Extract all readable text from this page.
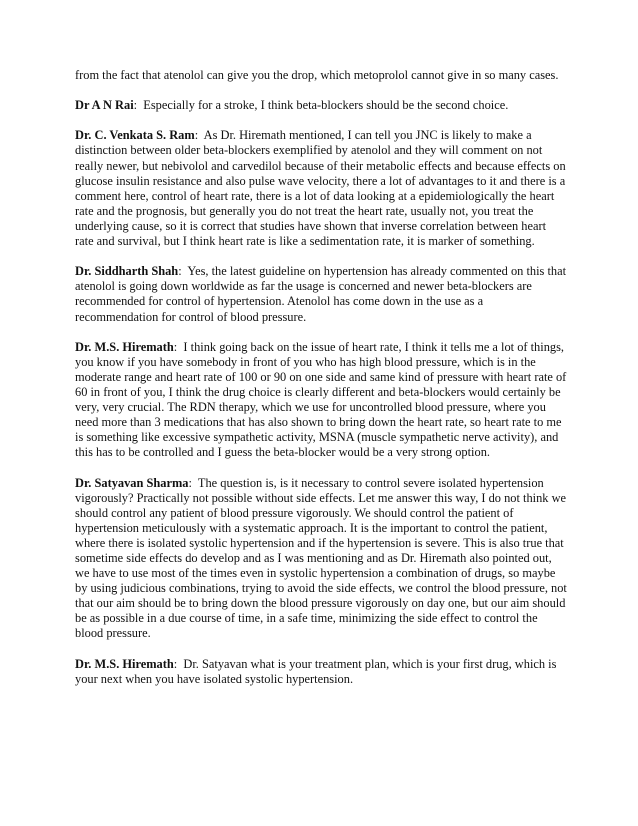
from the fact that atenolol can give you the drop, which metoprolol cannot give in so many cases.

Dr A N Rai:  Especially for a stroke, I think beta-blockers should be the second choice.

Dr. C. Venkata S. Ram:  As Dr. Hiremath mentioned, I can tell you JNC is likely to make a distinction between older beta-blockers exemplified by atenolol and they will comment on not really newer, but nebivolol and carvedilol because of their metabolic effects and because effects on glucose insulin resistance and also pulse wave velocity, there a lot of advantages to it and there is a comment here, control of heart rate, there is a lot of data looking at a epidemiologically the heart rate and the prognosis, but generally you do not treat the heart rate, usually not, you treat the underlying cause, so it is correct that studies have shown that inverse correlation between heart rate and survival, but I think heart rate is like a sedimentation rate, it is marker of something.

Dr. Siddharth Shah:  Yes, the latest guideline on hypertension has already commented on this that atenolol is going down worldwide as far the usage is concerned and newer beta-blockers are recommended for control of hypertension. Atenolol has come down in the use as a recommendation for control of blood pressure.

Dr. M.S. Hiremath:  I think going back on the issue of heart rate, I think it tells me a lot of things, you know if you have somebody in front of you who has high blood pressure, which is in the moderate range and heart rate of 100 or 90 on one side and same kind of pressure with heart rate of 60 in front of you, I think the drug choice is clearly different and beta-blockers would certainly be very, very crucial. The RDN therapy, which we use for uncontrolled blood pressure, where you need more than 3 medications that has also shown to bring down the heart rate, so heart rate to me is something like excessive sympathetic activity, MSNA (muscle sympathetic nerve activity), and this has to be controlled and I guess the beta-blocker would be a very strong option.

Dr. Satyavan Sharma:  The question is, is it necessary to control severe isolated hypertension vigorously? Practically not possible without side effects. Let me answer this way, I do not think we should control any patient of blood pressure vigorously. We should control the patient of hypertension meticulously with a systematic approach. It is the important to control the patient, where there is isolated systolic hypertension and if the hypertension is severe. This is also true that sometime side effects do develop and as I was mentioning and as Dr. Hiremath also pointed out, we have to use most of the times even in systolic hypertension a combination of drugs, so maybe by using judicious combinations, trying to avoid the side effects, we control the blood pressure, not that our aim should be to bring down the blood pressure vigorously on day one, but our aim should be as possible in a due course of time, in a safe time, minimizing the side effect to control the blood pressure.

Dr. M.S. Hiremath:  Dr. Satyavan what is your treatment plan, which is your first drug, which is your next when you have isolated systolic hypertension.
